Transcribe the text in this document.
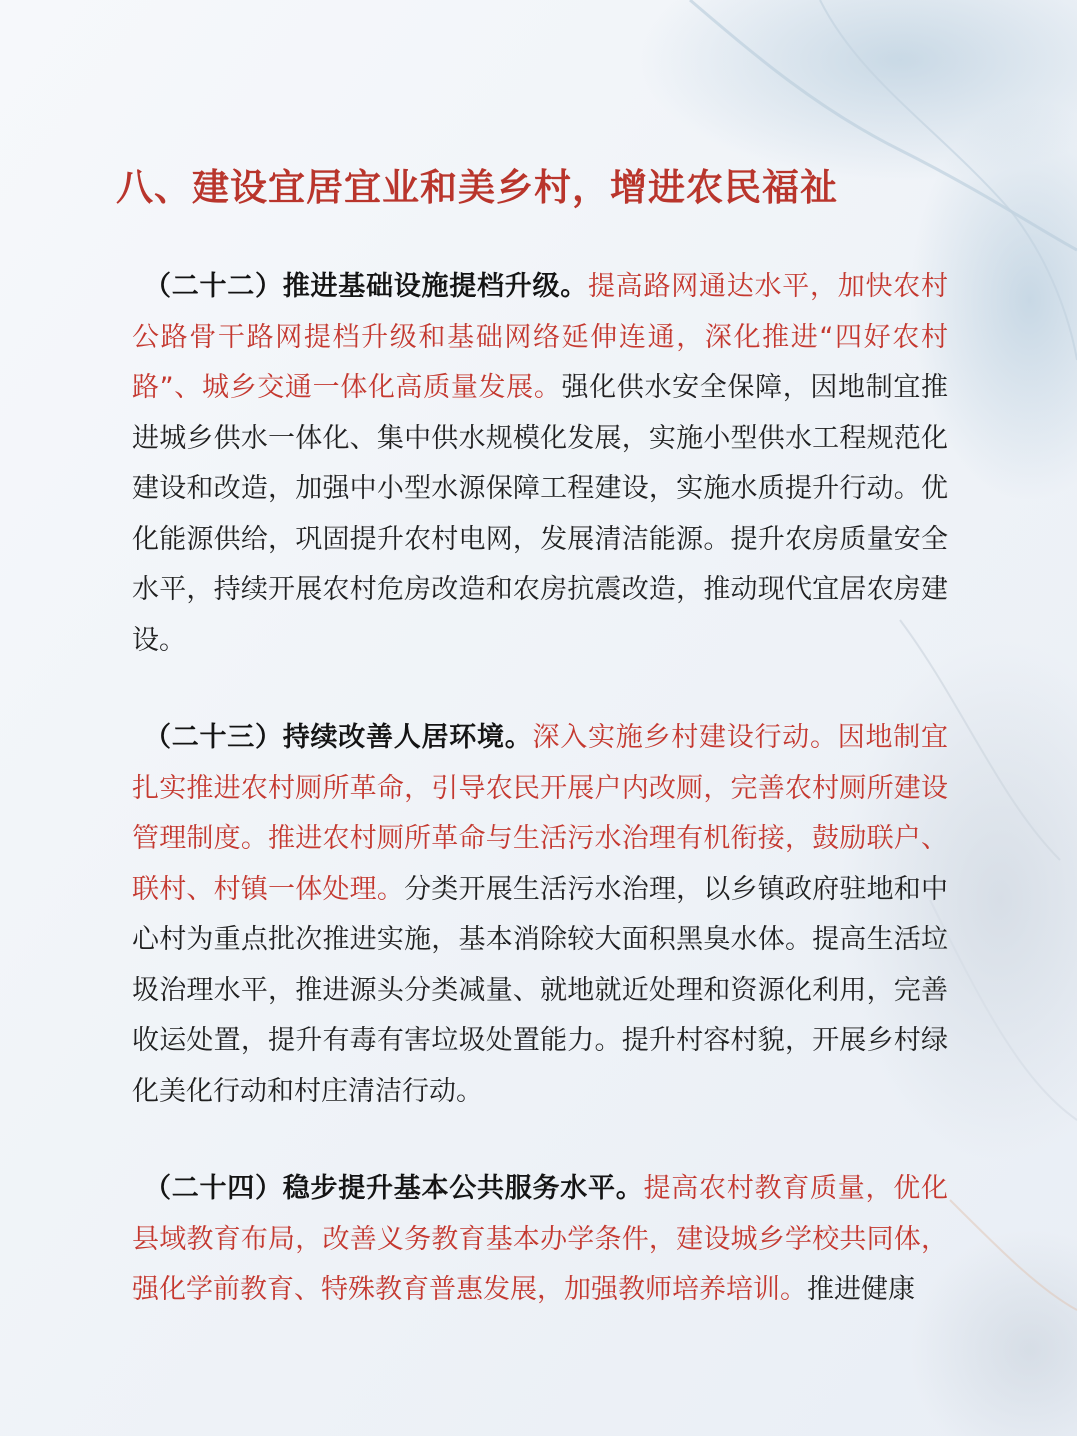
八、建设宜居宜业和美乡村，增进农民福祉

（二十二）推进基础设施提档升级。提高路网通达水平，加快农村公路骨干路网提档升级和基础网络延伸连通，深化推进“四好农村路”、城乡交通一体化高质量发展。强化供水安全保障，因地制宜推进城乡供水一体化、集中供水规模化发展，实施小型供水工程规范化建设和改造，加强中小型水源保障工程建设，实施水质提升行动。优化能源供给，巩固提升农村电网，发展清洁能源。提升农房质量安全水平，持续开展农村危房改造和农房抗震改造，推动现代宜居农房建设。

（二十三）持续改善人居环境。深入实施乡村建设行动。因地制宜扎实推进农村厕所革命，引导农民开展户内改厕，完善农村厕所建设管理制度。推进农村厕所革命与生活污水治理有机衔接，鼓励联户、联村、村镇一体处理。分类开展生活污水治理，以乡镇政府驻地和中心村为重点批次推进实施，基本消除较大面积黑臭水体。提高生活垃圾治理水平，推进源头分类减量、就地就近处理和资源化利用，完善收运处置，提升有毒有害垃圾处置能力。提升村容村貌，开展乡村绿化美化行动和村庄清洁行动。

（二十四）稳步提升基本公共服务水平。提高农村教育质量，优化县域教育布局，改善义务教育基本办学条件，建设城乡学校共同体，强化学前教育、特殊教育普惠发展，加强教师培养培训。推进健康
